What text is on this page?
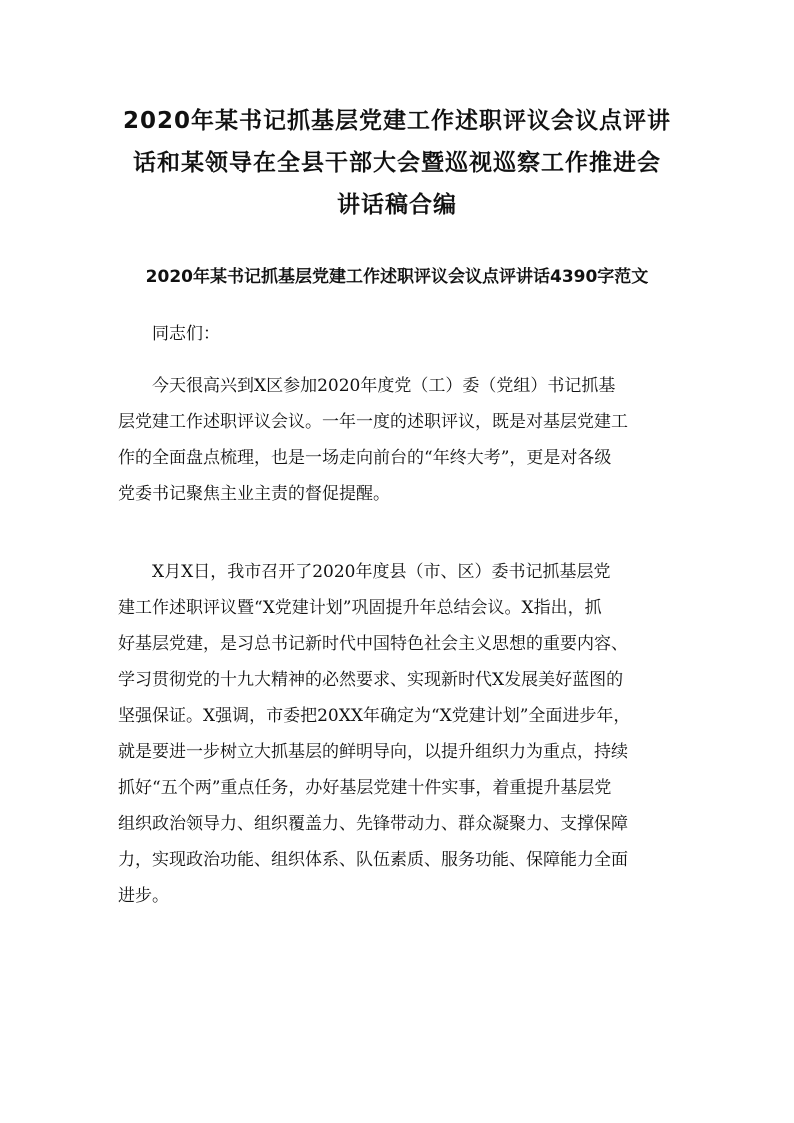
2020年某书记抓基层党建工作述职评议会议点评讲
话和某领导在全县干部大会暨巡视巡察工作推进会
讲话稿合编
2020年某书记抓基层党建工作述职评议会议点评讲话4390字范文
同志们：
今天很高兴到X区参加2020年度党（工）委（党组）书记抓基
层党建工作述职评议会议。一年一度的述职评议，既是对基层党建工
作的全面盘点梳理，也是一场走向前台的“年终大考”，更是对各级
党委书记聚焦主业主责的督促提醒。
X月X日，我市召开了2020年度县（市、区）委书记抓基层党
建工作述职评议暨“X党建计划”巩固提升年总结会议。X指出，抓
好基层党建，是习总书记新时代中国特色社会主义思想的重要内容、
学习贯彻党的十九大精神的必然要求、实现新时代X发展美好蓝图的
坚强保证。X强调，市委把20XX年确定为“X党建计划”全面进步年，
就是要进一步树立大抓基层的鲜明导向，以提升组织力为重点，持续
抓好“五个两”重点任务，办好基层党建十件实事，着重提升基层党
组织政治领导力、组织覆盖力、先锋带动力、群众凝聚力、支撑保障
力，实现政治功能、组织体系、队伍素质、服务功能、保障能力全面
进步。
